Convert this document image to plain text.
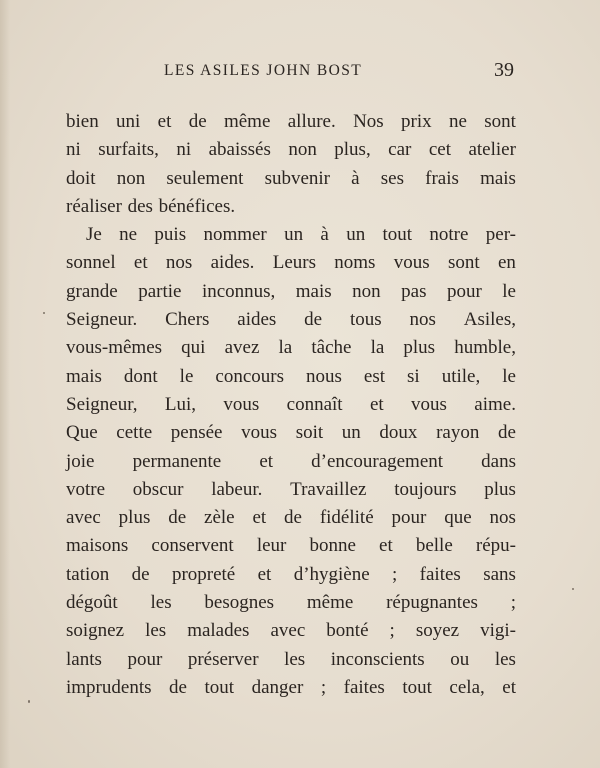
LES ASILES JOHN BOST	39
bien uni et de même allure. Nos prix ne sont
ni surfaits, ni abaissés non plus, car cet atelier
doit non seulement subvenir à ses frais mais
réaliser des bénéfices.
Je ne puis nommer un à un tout notre per-
sonnel et nos aides. Leurs noms vous sont en
grande partie inconnus, mais non pas pour le
Seigneur. Chers aides de tous nos Asiles,
vous-mêmes qui avez la tâche la plus humble,
mais dont le concours nous est si utile, le
Seigneur, Lui, vous connaît et vous aime.
Que cette pensée vous soit un doux rayon de
joie permanente et d’encouragement dans
votre obscur labeur. Travaillez toujours plus
avec plus de zèle et de fidélité pour que nos
maisons conservent leur bonne et belle répu-
tation de propreté et d’hygiène ; faites sans
dégoût les besognes même répugnantes ;
soignez les malades avec bonté ; soyez vigi-
lants pour préserver les inconscients ou les
imprudents de tout danger ; faites tout cela, et
